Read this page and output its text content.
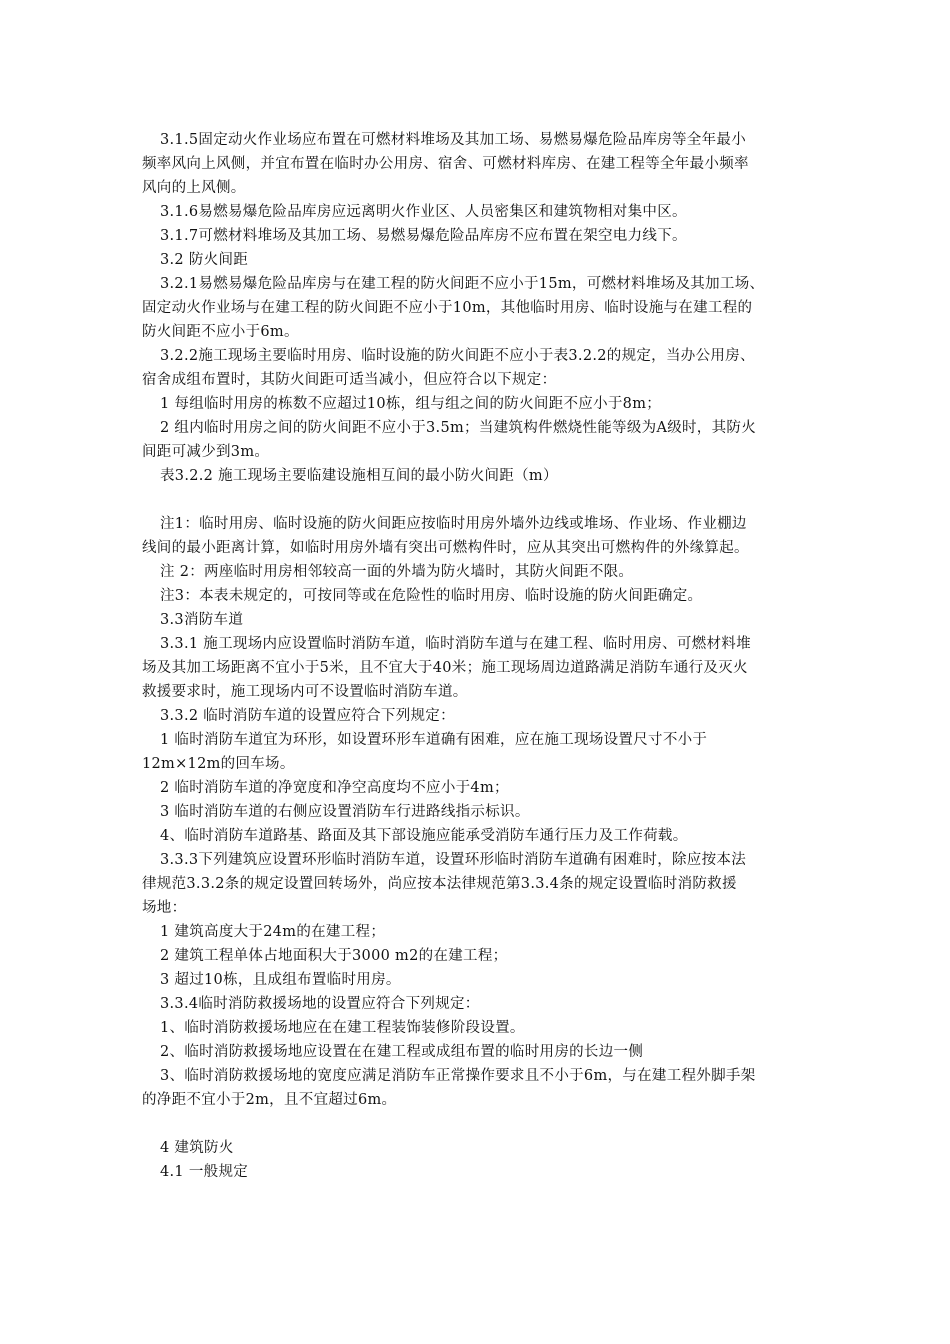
3.1.5固定动火作业场应布置在可燃材料堆场及其加工场、易燃易爆危险品库房等全年最小
频率风向上风侧，并宜布置在临时办公用房、宿舍、可燃材料库房、在建工程等全年最小频率
风向的上风侧。
3.1.6易燃易爆危险品库房应远离明火作业区、人员密集区和建筑物相对集中区。
3.1.7可燃材料堆场及其加工场、易燃易爆危险品库房不应布置在架空电力线下。
3.2 防火间距
3.2.1易燃易爆危险品库房与在建工程的防火间距不应小于15m，可燃材料堆场及其加工场、
固定动火作业场与在建工程的防火间距不应小于10m，其他临时用房、临时设施与在建工程的
防火间距不应小于6m。
3.2.2施工现场主要临时用房、临时设施的防火间距不应小于表3.2.2的规定，当办公用房、
宿舍成组布置时，其防火间距可适当减小，但应符合以下规定：
1 每组临时用房的栋数不应超过10栋，组与组之间的防火间距不应小于8m；
2 组内临时用房之间的防火间距不应小于3.5m；当建筑构件燃烧性能等级为A级时，其防火
间距可减少到3m。
表3.2.2 施工现场主要临建设施相互间的最小防火间距（m）
注1：临时用房、临时设施的防火间距应按临时用房外墙外边线或堆场、作业场、作业棚边
线间的最小距离计算，如临时用房外墙有突出可燃构件时，应从其突出可燃构件的外缘算起。
注 2：两座临时用房相邻较高一面的外墙为防火墙时，其防火间距不限。
注3：本表未规定的，可按同等或在危险性的临时用房、临时设施的防火间距确定。
3.3消防车道
3.3.1 施工现场内应设置临时消防车道，临时消防车道与在建工程、临时用房、可燃材料堆
场及其加工场距离不宜小于5米，且不宜大于40米；施工现场周边道路满足消防车通行及灭火
救援要求时，施工现场内可不设置临时消防车道。
3.3.2 临时消防车道的设置应符合下列规定：
1 临时消防车道宜为环形，如设置环形车道确有困难，应在施工现场设置尺寸不小于
12m×12m的回车场。
2 临时消防车道的净宽度和净空高度均不应小于4m；
3 临时消防车道的右侧应设置消防车行进路线指示标识。
4、临时消防车道路基、路面及其下部设施应能承受消防车通行压力及工作荷载。
3.3.3下列建筑应设置环形临时消防车道，设置环形临时消防车道确有困难时，除应按本法
律规范3.3.2条的规定设置回转场外，尚应按本法律规范第3.3.4条的规定设置临时消防救援
场地：
1 建筑高度大于24m的在建工程；
2 建筑工程单体占地面积大于3000 m2的在建工程；
3 超过10栋，且成组布置临时用房。
3.3.4临时消防救援场地的设置应符合下列规定：
1、临时消防救援场地应在在建工程装饰装修阶段设置。
2、临时消防救援场地应设置在在建工程或成组布置的临时用房的长边一侧
3、临时消防救援场地的宽度应满足消防车正常操作要求且不小于6m，与在建工程外脚手架
的净距不宜小于2m，且不宜超过6m。
4 建筑防火
4.1 一般规定
